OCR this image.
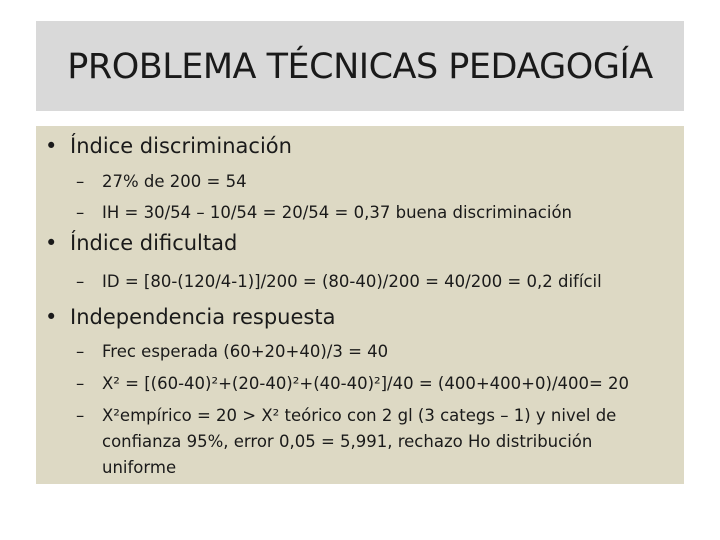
PROBLEMA TÉCNICAS PEDAGOGÍA
• Índice discriminación
– 27% de 200 = 54
– IH = 30/54 – 10/54 = 20/54 = 0,37 buena discriminación
• Índice dificultad
– ID = [80-(120/4-1)]/200 = (80-40)/200 = 40/200 = 0,2 difícil
• Independencia respuesta
– Frec esperada (60+20+40)/3 = 40
– X² = [(60-40)²+(20-40)²+(40-40)²]/40 = (400+400+0)/400= 20
– X²empírico = 20 > X² teórico con 2 gl (3 categs – 1) y nivel de confianza 95%, error 0,05 = 5,991, rechazo Ho distribución uniforme
